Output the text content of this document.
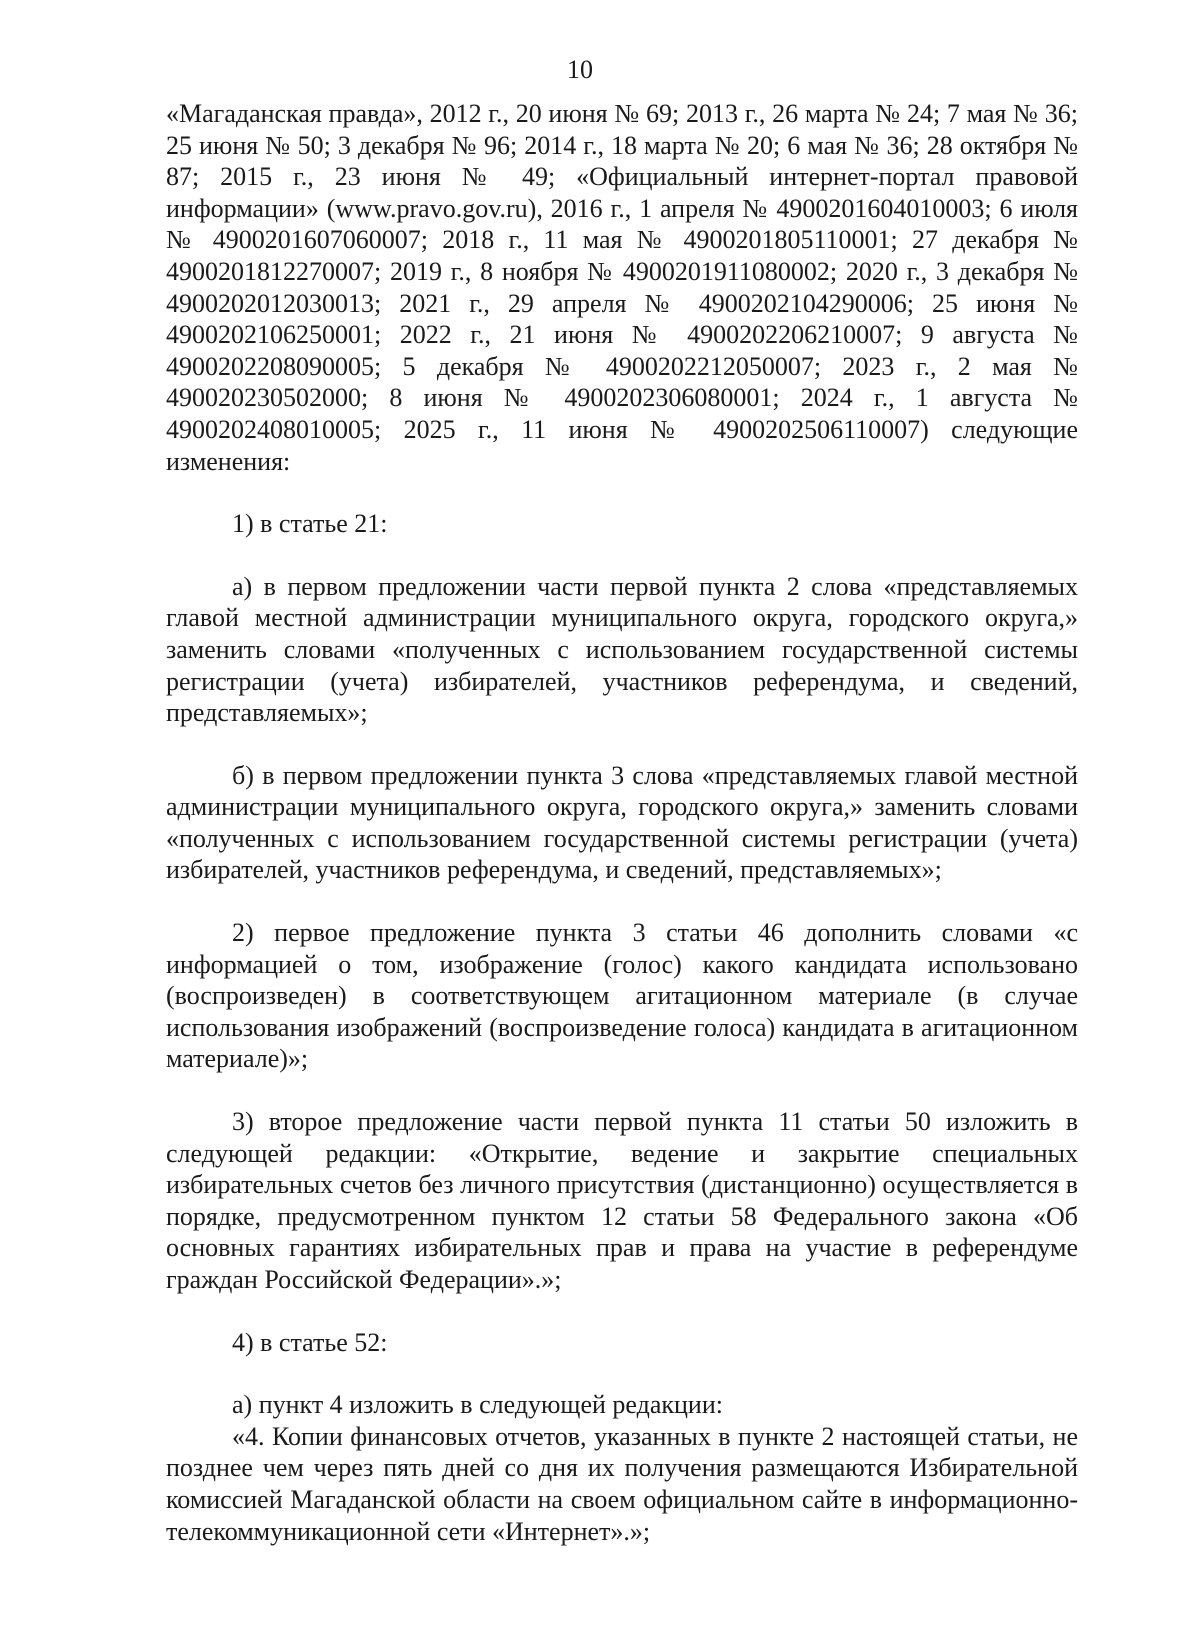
10

«Магаданская правда», 2012 г., 20 июня № 69; 2013 г., 26 марта № 24; 7 мая № 36; 25 июня № 50; 3 декабря № 96; 2014 г., 18 марта № 20; 6 мая № 36; 28 октября № 87; 2015 г., 23 июня № 49; «Официальный интернет-портал правовой информации» (www.pravo.gov.ru), 2016 г., 1 апреля № 4900201604010003; 6 июля № 4900201607060007; 2018 г., 11 мая № 4900201805110001; 27 декабря № 4900201812270007; 2019 г., 8 ноября № 4900201911080002; 2020 г., 3 декабря № 4900202012030013; 2021 г., 29 апреля № 4900202104290006; 25 июня № 4900202106250001; 2022 г., 21 июня № 4900202206210007; 9 августа № 4900202208090005; 5 декабря № 4900202212050007; 2023 г., 2 мая № 490020230502000; 8 июня № 4900202306080001; 2024 г., 1 августа № 4900202408010005; 2025 г., 11 июня № 4900202506110007) следующие изменения:

1) в статье 21:

а) в первом предложении части первой пункта 2 слова «представляемых главой местной администрации муниципального округа, городского округа,» заменить словами «полученных с использованием государственной системы регистрации (учета) избирателей, участников референдума, и сведений, представляемых»;

б) в первом предложении пункта 3 слова «представляемых главой местной администрации муниципального округа, городского округа,» заменить словами «полученных с использованием государственной системы регистрации (учета) избирателей, участников референдума, и сведений, представляемых»;

2) первое предложение пункта 3 статьи 46 дополнить словами «с информацией о том, изображение (голос) какого кандидата использовано (воспроизведен) в соответствующем агитационном материале (в случае использования изображений (воспроизведение голоса) кандидата в агитационном материале)»;

3) второе предложение части первой пункта 11 статьи 50 изложить в следующей редакции: «Открытие, ведение и закрытие специальных избирательных счетов без личного присутствия (дистанционно) осуществляется в порядке, предусмотренном пунктом 12 статьи 58 Федерального закона «Об основных гарантиях избирательных прав и права на участие в референдуме граждан Российской Федерации».»;

4) в статье 52:

а) пункт 4 изложить в следующей редакции:

«4. Копии финансовых отчетов, указанных в пункте 2 настоящей статьи, не позднее чем через пять дней со дня их получения размещаются Избирательной комиссией Магаданской области на своем официальном сайте в информационно-телекоммуникационной сети «Интернет».»;
